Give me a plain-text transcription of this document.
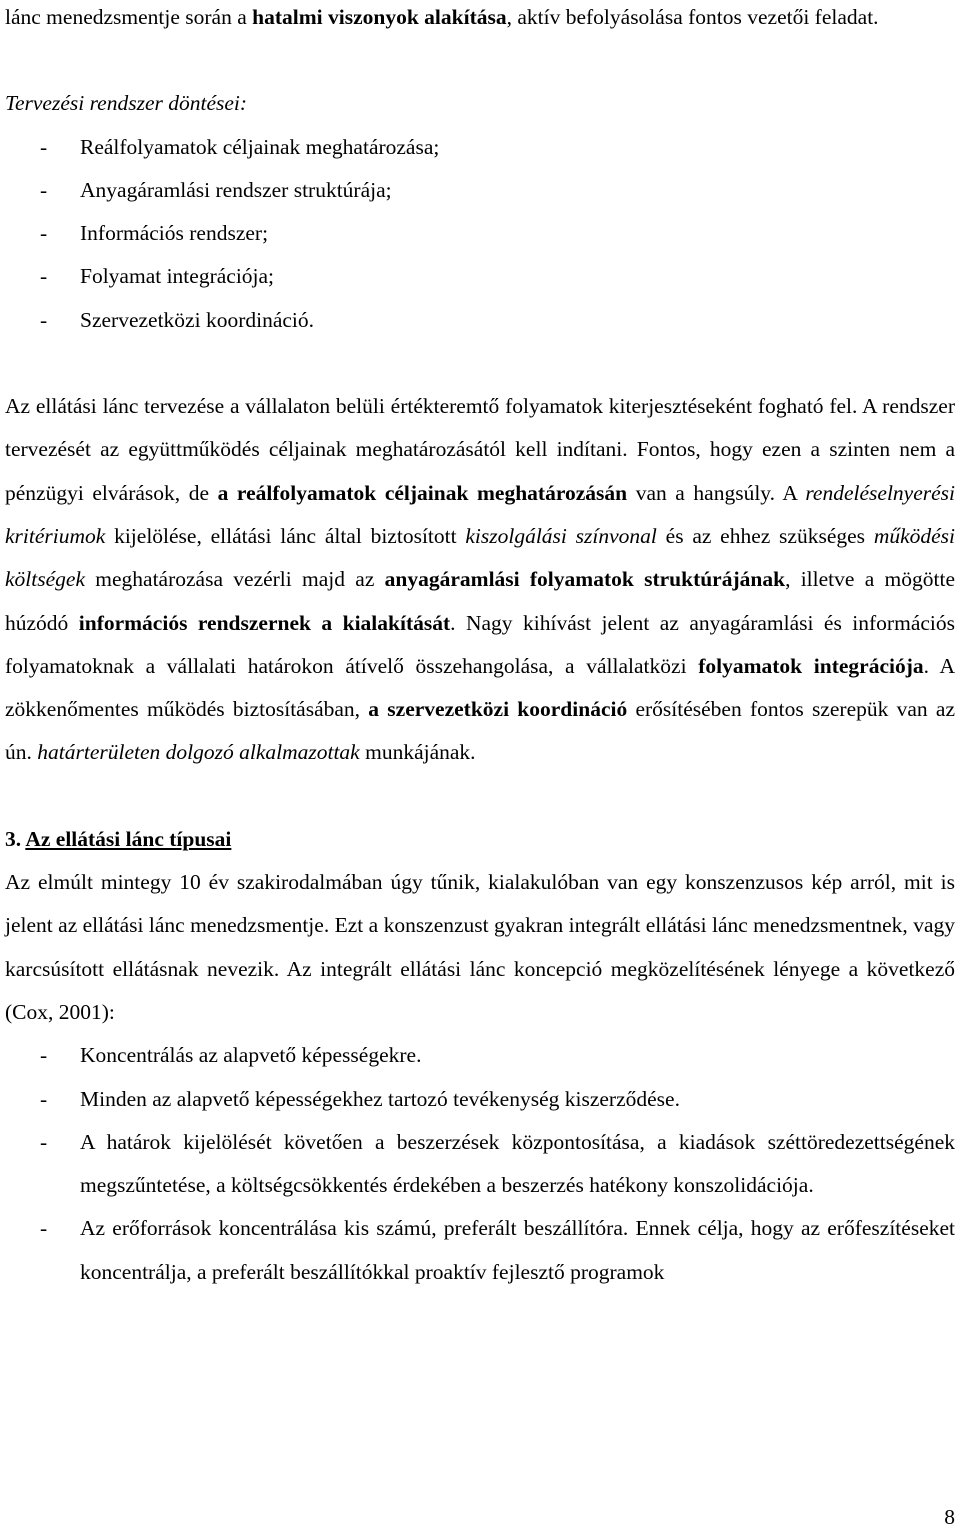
lánc menedzsmentje során a hatalmi viszonyok alakítása, aktív befolyásolása fontos vezetői feladat.

Tervezési rendszer döntései:

- Reálfolyamatok céljainak meghatározása;
- Anyagáramlási rendszer struktúrája;
- Információs rendszer;
- Folyamat integrációja;
- Szervezetközi koordináció.

Az ellátási lánc tervezése a vállalaton belüli értékteremtő folyamatok kiterjesztéseként fogható fel. A rendszer tervezését az együttműködés céljainak meghatározásától kell indítani. Fontos, hogy ezen a szinten nem a pénzügyi elvárások, de a reálfolyamatok céljainak meghatározásán van a hangsúly. A rendeléselnyerési kritériumok kijelölése, ellátási lánc által biztosított kiszolgálási színvonal és az ehhez szükséges működési költségek meghatározása vezérli majd az anyagáramlási folyamatok struktúrájának, illetve a mögötte húzódó információs rendszernek a kialakítását. Nagy kihívást jelent az anyagáramlási és információs folyamatoknak a vállalati határokon átívelő összehangolása, a vállalatközi folyamatok integrációja. A zökkenőmentes működés biztosításában, a szervezetközi koordináció erősítésében fontos szerepük van az ún. határterületen dolgozó alkalmazottak munkájának.

3. Az ellátási lánc típusai

Az elmúlt mintegy 10 év szakirodalmában úgy tűnik, kialakulóban van egy konszenzusos kép arról, mit is jelent az ellátási lánc menedzsmentje. Ezt a konszenzust gyakran integrált ellátási lánc menedzsmentnek, vagy karcsúsított ellátásnak nevezik. Az integrált ellátási lánc koncepció megközelítésének lényege a következő (Cox, 2001):

- Koncentrálás az alapvető képességekre.
- Minden az alapvető képességekhez tartozó tevékenység kiszerződése.
- A határok kijelölését követően a beszerzések központosítása, a kiadások széttöredezettségének megszűntetése, a költségcsökkentés érdekében a beszerzés hatékony konszolidációja.
- Az erőforrások koncentrálása kis számú, preferált beszállítóra. Ennek célja, hogy az erőfeszítéseket koncentrálja, a preferált beszállítókkal proaktív fejlesztő programok
8
